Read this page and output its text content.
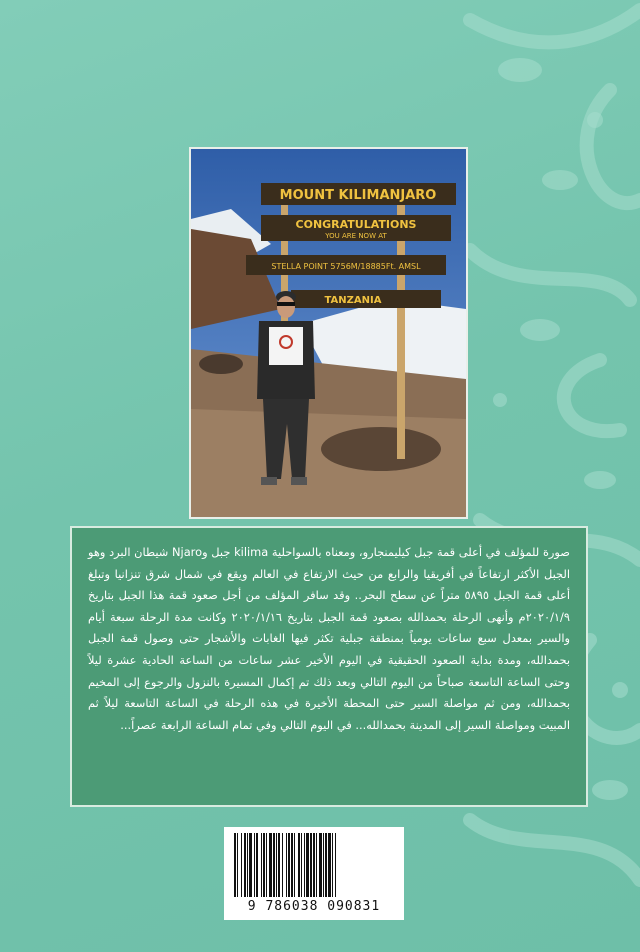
MOUNT KILIMANJARO
CONGRATULATIONS
YOU ARE NOW AT
STELLA POINT 5756M/18885Ft. AMSL
TANZANIA

صورة للمؤلف في أعلى قمة جبل كيليمنجارو، ومعناه بالسواحلية kilima جبل وNjaro شيطان البرد وهو الجبل الأكثر ارتفاعاً في أفريقيا والرابع من حيث الارتفاع في العالم ويقع في شمال شرق تنزانيا وتبلغ أعلى قمة الجبل ٥٨٩٥ متراً عن سطح البحر.. وقد سافر المؤلف من أجل صعود قمة هذا الجبل بتاريخ ٢٠٢٠/١/٩م وأنهى الرحلة بحمدالله بصعود قمة الجبل بتاريخ ٢٠٢٠/١/١٦ وكانت مدة الرحلة سبعة أيام والسير بمعدل سبع ساعات يومياً بمنطقة جبلية تكثر فيها الغابات والأشجار حتى وصول قمة الجبل بحمدالله، ومدة بداية الصعود الحقيقية في اليوم الأخير عشر ساعات من الساعة الحادية عشرة ليلاً وحتى الساعة التاسعة صباحاً من اليوم التالي وبعد ذلك تم إكمال المسيرة بالنزول والرجوع إلى المخيم بحمدالله، ومن ثم مواصلة السير حتى المحطة الأخيرة في هذه الرحلة في الساعة التاسعة ليلاً ثم المبيت ومواصلة السير إلى المدينة بحمدالله... في اليوم التالي وفي تمام الساعة الرابعة عصراً...

9 786038 090831
